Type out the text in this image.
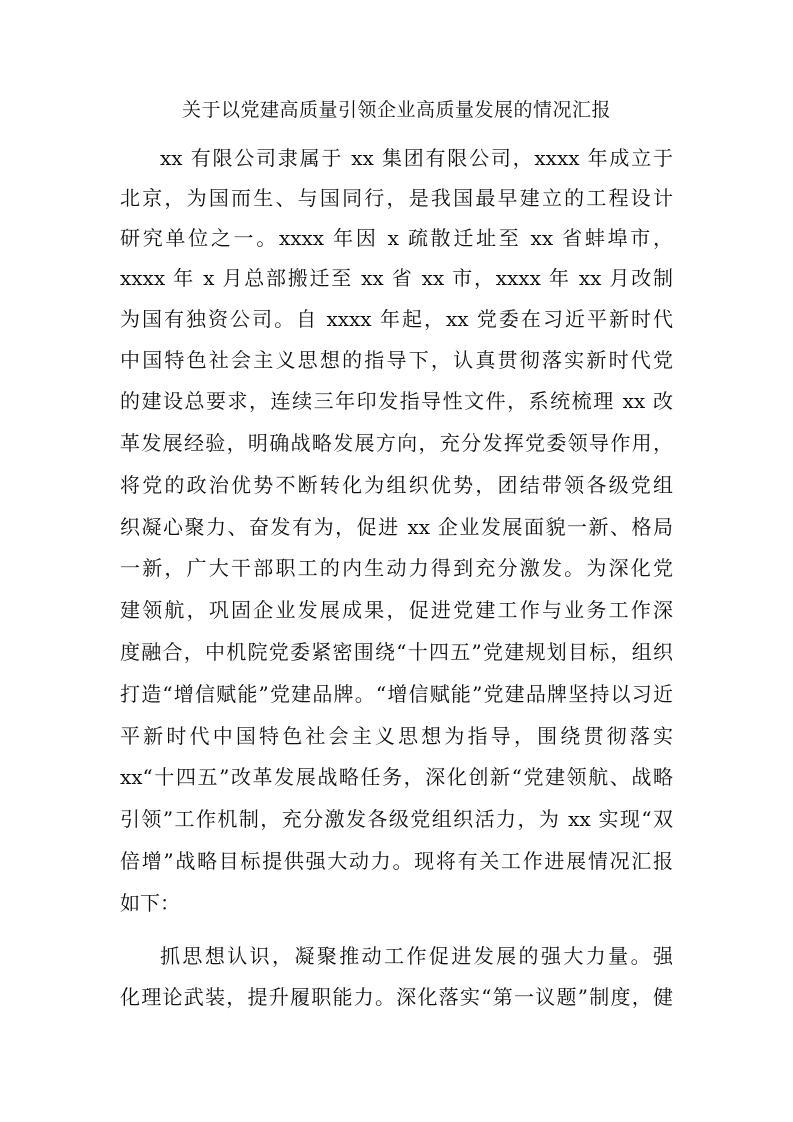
关于以党建高质量引领企业高质量发展的情况汇报
xx 有限公司隶属于 xx 集团有限公司，xxxx 年成立于
北京，为国而生、与国同行，是我国最早建立的工程设计
研究单位之一。xxxx 年因 x 疏散迁址至 xx 省蚌埠市，
xxxx 年 x 月总部搬迁至 xx 省 xx 市，xxxx 年 xx 月改制
为国有独资公司。自 xxxx 年起，xx 党委在习近平新时代
中国特色社会主义思想的指导下，认真贯彻落实新时代党
的建设总要求，连续三年印发指导性文件，系统梳理 xx 改
革发展经验，明确战略发展方向，充分发挥党委领导作用，
将党的政治优势不断转化为组织优势，团结带领各级党组
织凝心聚力、奋发有为，促进 xx 企业发展面貌一新、格局
一新，广大干部职工的内生动力得到充分激发。为深化党
建领航，巩固企业发展成果，促进党建工作与业务工作深
度融合，中机院党委紧密围绕“十四五”党建规划目标，组织
打造“增信赋能”党建品牌。“增信赋能”党建品牌坚持以习近
平新时代中国特色社会主义思想为指导，围绕贯彻落实
xx“十四五”改革发展战略任务，深化创新“党建领航、战略
引领”工作机制，充分激发各级党组织活力，为 xx 实现“双
倍增”战略目标提供强大动力。现将有关工作进展情况汇报
如下：
抓思想认识，凝聚推动工作促进发展的强大力量。强
化理论武装，提升履职能力。深化落实“第一议题”制度，健
